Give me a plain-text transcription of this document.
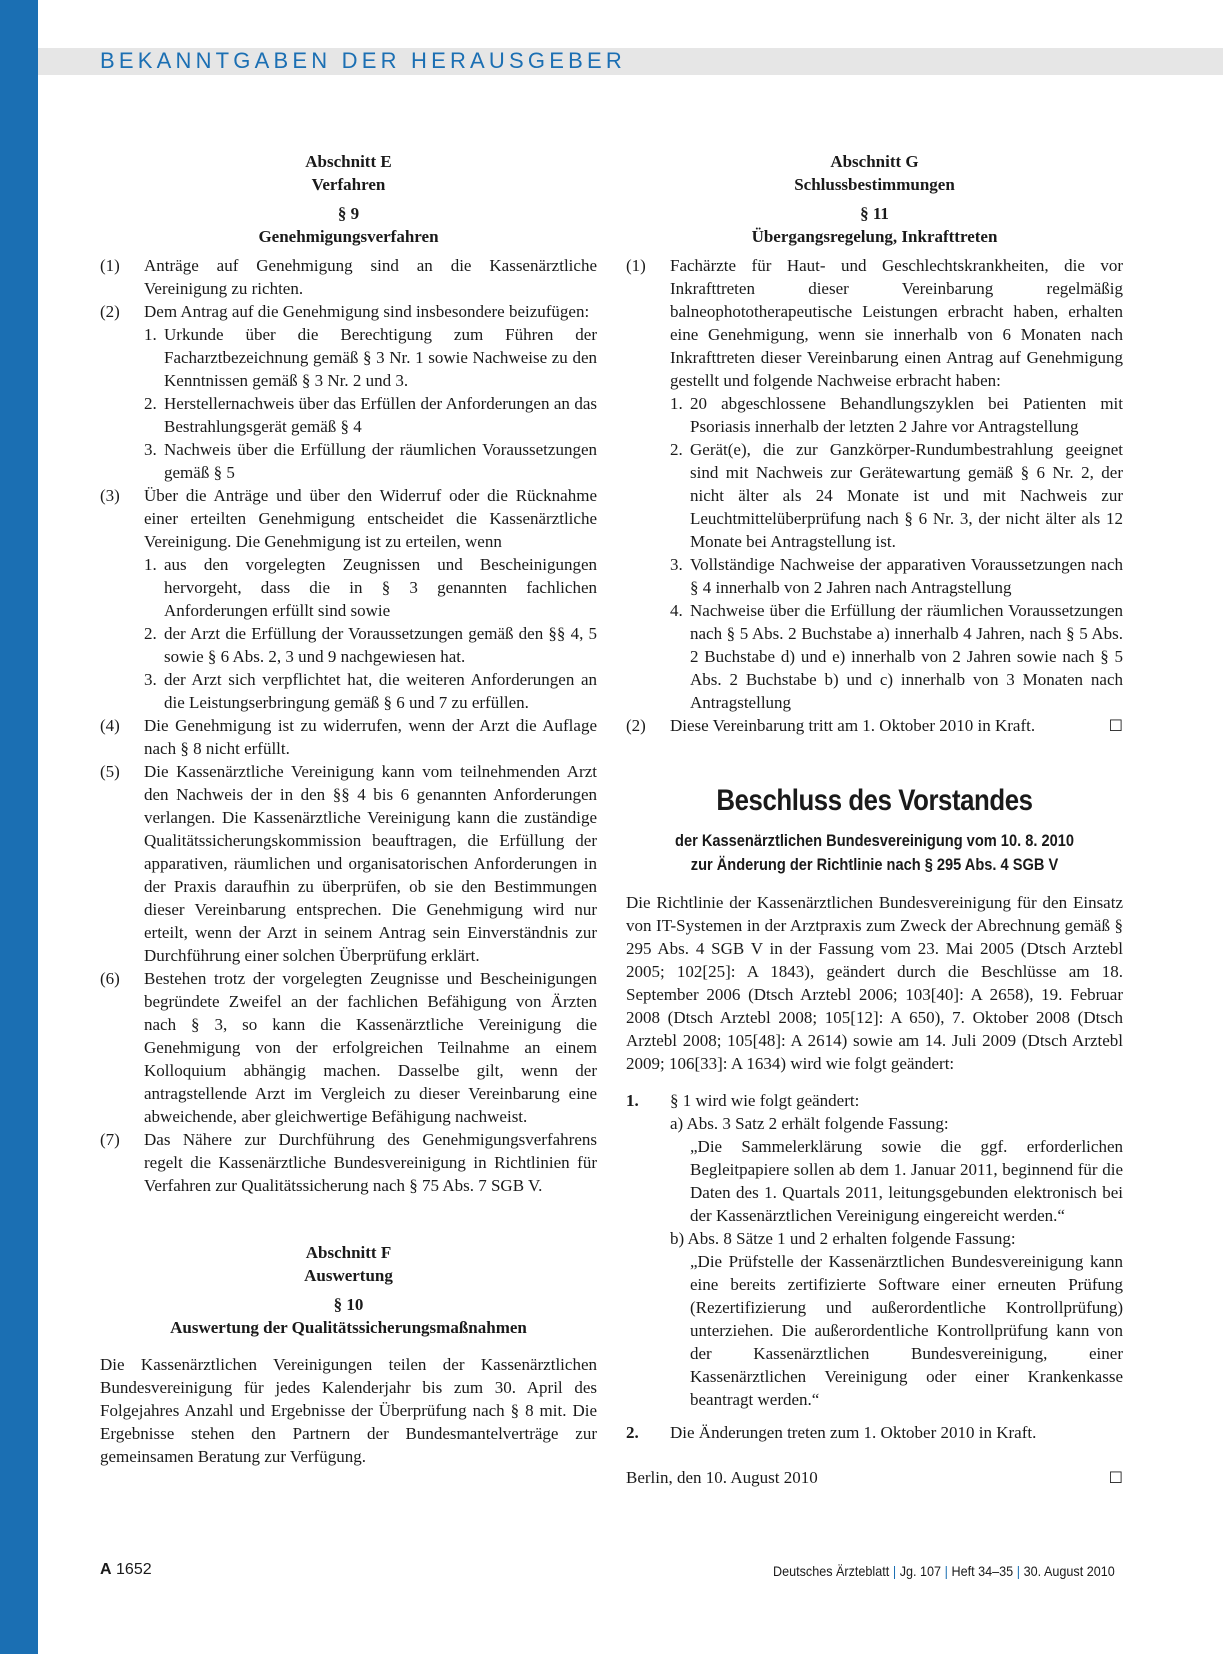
BEKANNTGABEN DER HERAUSGEBER
Abschnitt E
Verfahren
§ 9
Genehmigungsverfahren
(1)	Anträge auf Genehmigung sind an die Kassenärztliche Vereinigung zu richten.
(2)	Dem Antrag auf die Genehmigung sind insbesondere beizufügen:
1. Urkunde über die Berechtigung zum Führen der Facharztbezeichnung gemäß § 3 Nr. 1 sowie Nachweise zu den Kenntnissen gemäß § 3 Nr. 2 und 3.
2. Herstellernachweis über das Erfüllen der Anforderungen an das Bestrahlungsgerät gemäß § 4
3. Nachweis über die Erfüllung der räumlichen Voraussetzungen gemäß § 5
(3)	Über die Anträge und über den Widerruf oder die Rücknahme einer erteilten Genehmigung entscheidet die Kassenärztliche Vereinigung. Die Genehmigung ist zu erteilen, wenn
1. aus den vorgelegten Zeugnissen und Bescheinigungen hervorgeht, dass die in § 3 genannten fachlichen Anforderungen erfüllt sind sowie
2. der Arzt die Erfüllung der Voraussetzungen gemäß den §§ 4, 5 sowie § 6 Abs. 2, 3 und 9 nachgewiesen hat.
3. der Arzt sich verpflichtet hat, die weiteren Anforderungen an die Leistungserbringung gemäß § 6 und 7 zu erfüllen.
(4)	Die Genehmigung ist zu widerrufen, wenn der Arzt die Auflage nach § 8 nicht erfüllt.
(5)	Die Kassenärztliche Vereinigung kann vom teilnehmenden Arzt den Nachweis der in den §§ 4 bis 6 genannten Anforderungen verlangen. Die Kassenärztliche Vereinigung kann die zuständige Qualitätssicherungskommission beauftragen, die Erfüllung der apparativen, räumlichen und organisatorischen Anforderungen in der Praxis daraufhin zu überprüfen, ob sie den Bestimmungen dieser Vereinbarung entsprechen. Die Genehmigung wird nur erteilt, wenn der Arzt in seinem Antrag sein Einverständnis zur Durchführung einer solchen Überprüfung erklärt.
(6)	Bestehen trotz der vorgelegten Zeugnisse und Bescheinigungen begründete Zweifel an der fachlichen Befähigung von Ärzten nach § 3, so kann die Kassenärztliche Vereinigung die Genehmigung von der erfolgreichen Teilnahme an einem Kolloquium abhängig machen. Dasselbe gilt, wenn der antragstellende Arzt im Vergleich zu dieser Vereinbarung eine abweichende, aber gleichwertige Befähigung nachweist.
(7)	Das Nähere zur Durchführung des Genehmigungsverfahrens regelt die Kassenärztliche Bundesvereinigung in Richtlinien für Verfahren zur Qualitätssicherung nach § 75 Abs. 7 SGB V.
Abschnitt F
Auswertung
§ 10
Auswertung der Qualitätssicherungsmaßnahmen
Die Kassenärztlichen Vereinigungen teilen der Kassenärztlichen Bundesvereinigung für jedes Kalenderjahr bis zum 30. April des Folgejahres Anzahl und Ergebnisse der Überprüfung nach § 8 mit. Die Ergebnisse stehen den Partnern der Bundesmantelverträge zur gemeinsamen Beratung zur Verfügung.
Abschnitt G
Schlussbestimmungen
§ 11
Übergangsregelung, Inkrafttreten
(1)	Fachärzte für Haut- und Geschlechtskrankheiten, die vor Inkrafttreten dieser Vereinbarung regelmäßig balneophototherapeutische Leistungen erbracht haben, erhalten eine Genehmigung, wenn sie innerhalb von 6 Monaten nach Inkrafttreten dieser Vereinbarung einen Antrag auf Genehmigung gestellt und folgende Nachweise erbracht haben:
1. 20 abgeschlossene Behandlungszyklen bei Patienten mit Psoriasis innerhalb der letzten 2 Jahre vor Antragstellung
2. Gerät(e), die zur Ganzkörper-Rundumbestrahlung geeignet sind mit Nachweis zur Gerätewartung gemäß § 6 Nr. 2, der nicht älter als 24 Monate ist und mit Nachweis zur Leuchtmittelüberprüfung nach § 6 Nr. 3, der nicht älter als 12 Monate bei Antragstellung ist.
3. Vollständige Nachweise der apparativen Voraussetzungen nach § 4 innerhalb von 2 Jahren nach Antragstellung
4. Nachweise über die Erfüllung der räumlichen Voraussetzungen nach § 5 Abs. 2 Buchstabe a) innerhalb 4 Jahren, nach § 5 Abs. 2 Buchstabe d) und e) innerhalb von 2 Jahren sowie nach § 5 Abs. 2 Buchstabe b) und c) innerhalb von 3 Monaten nach Antragstellung
(2)	Diese Vereinbarung tritt am 1. Oktober 2010 in Kraft.	☐
Beschluss des Vorstandes
der Kassenärztlichen Bundesvereinigung vom 10. 8. 2010
zur Änderung der Richtlinie nach § 295 Abs. 4 SGB V
Die Richtlinie der Kassenärztlichen Bundesvereinigung für den Einsatz von IT-Systemen in der Arztpraxis zum Zweck der Abrechnung gemäß § 295 Abs. 4 SGB V in der Fassung vom 23. Mai 2005 (Dtsch Arztebl 2005; 102[25]: A 1843), geändert durch die Beschlüsse am 18. September 2006 (Dtsch Arztebl 2006; 103[40]: A 2658), 19. Februar 2008 (Dtsch Arztebl 2008; 105[12]: A 650), 7. Oktober 2008 (Dtsch Arztebl 2008; 105[48]: A 2614) sowie am 14. Juli 2009 (Dtsch Arztebl 2009; 106[33]: A 1634) wird wie folgt geändert:
1.	§ 1 wird wie folgt geändert:
a) Abs. 3 Satz 2 erhält folgende Fassung:
„Die Sammelerklärung sowie die ggf. erforderlichen Begleitpapiere sollen ab dem 1. Januar 2011, beginnend für die Daten des 1. Quartals 2011, leitungsgebunden elektronisch bei der Kassenärztlichen Vereinigung eingereicht werden.“
b) Abs. 8 Sätze 1 und 2 erhalten folgende Fassung:
„Die Prüfstelle der Kassenärztlichen Bundesvereinigung kann eine bereits zertifizierte Software einer erneuten Prüfung (Rezertifizierung und außerordentliche Kontrollprüfung) unterziehen. Die außerordentliche Kontrollprüfung kann von der Kassenärztlichen Bundesvereinigung, einer Kassenärztlichen Vereinigung oder einer Krankenkasse beantragt werden.“
2.	Die Änderungen treten zum 1. Oktober 2010 in Kraft.
Berlin, den 10. August 2010	☐
A 1652	Deutsches Ärzteblatt | Jg. 107 | Heft 34–35 | 30. August 2010
